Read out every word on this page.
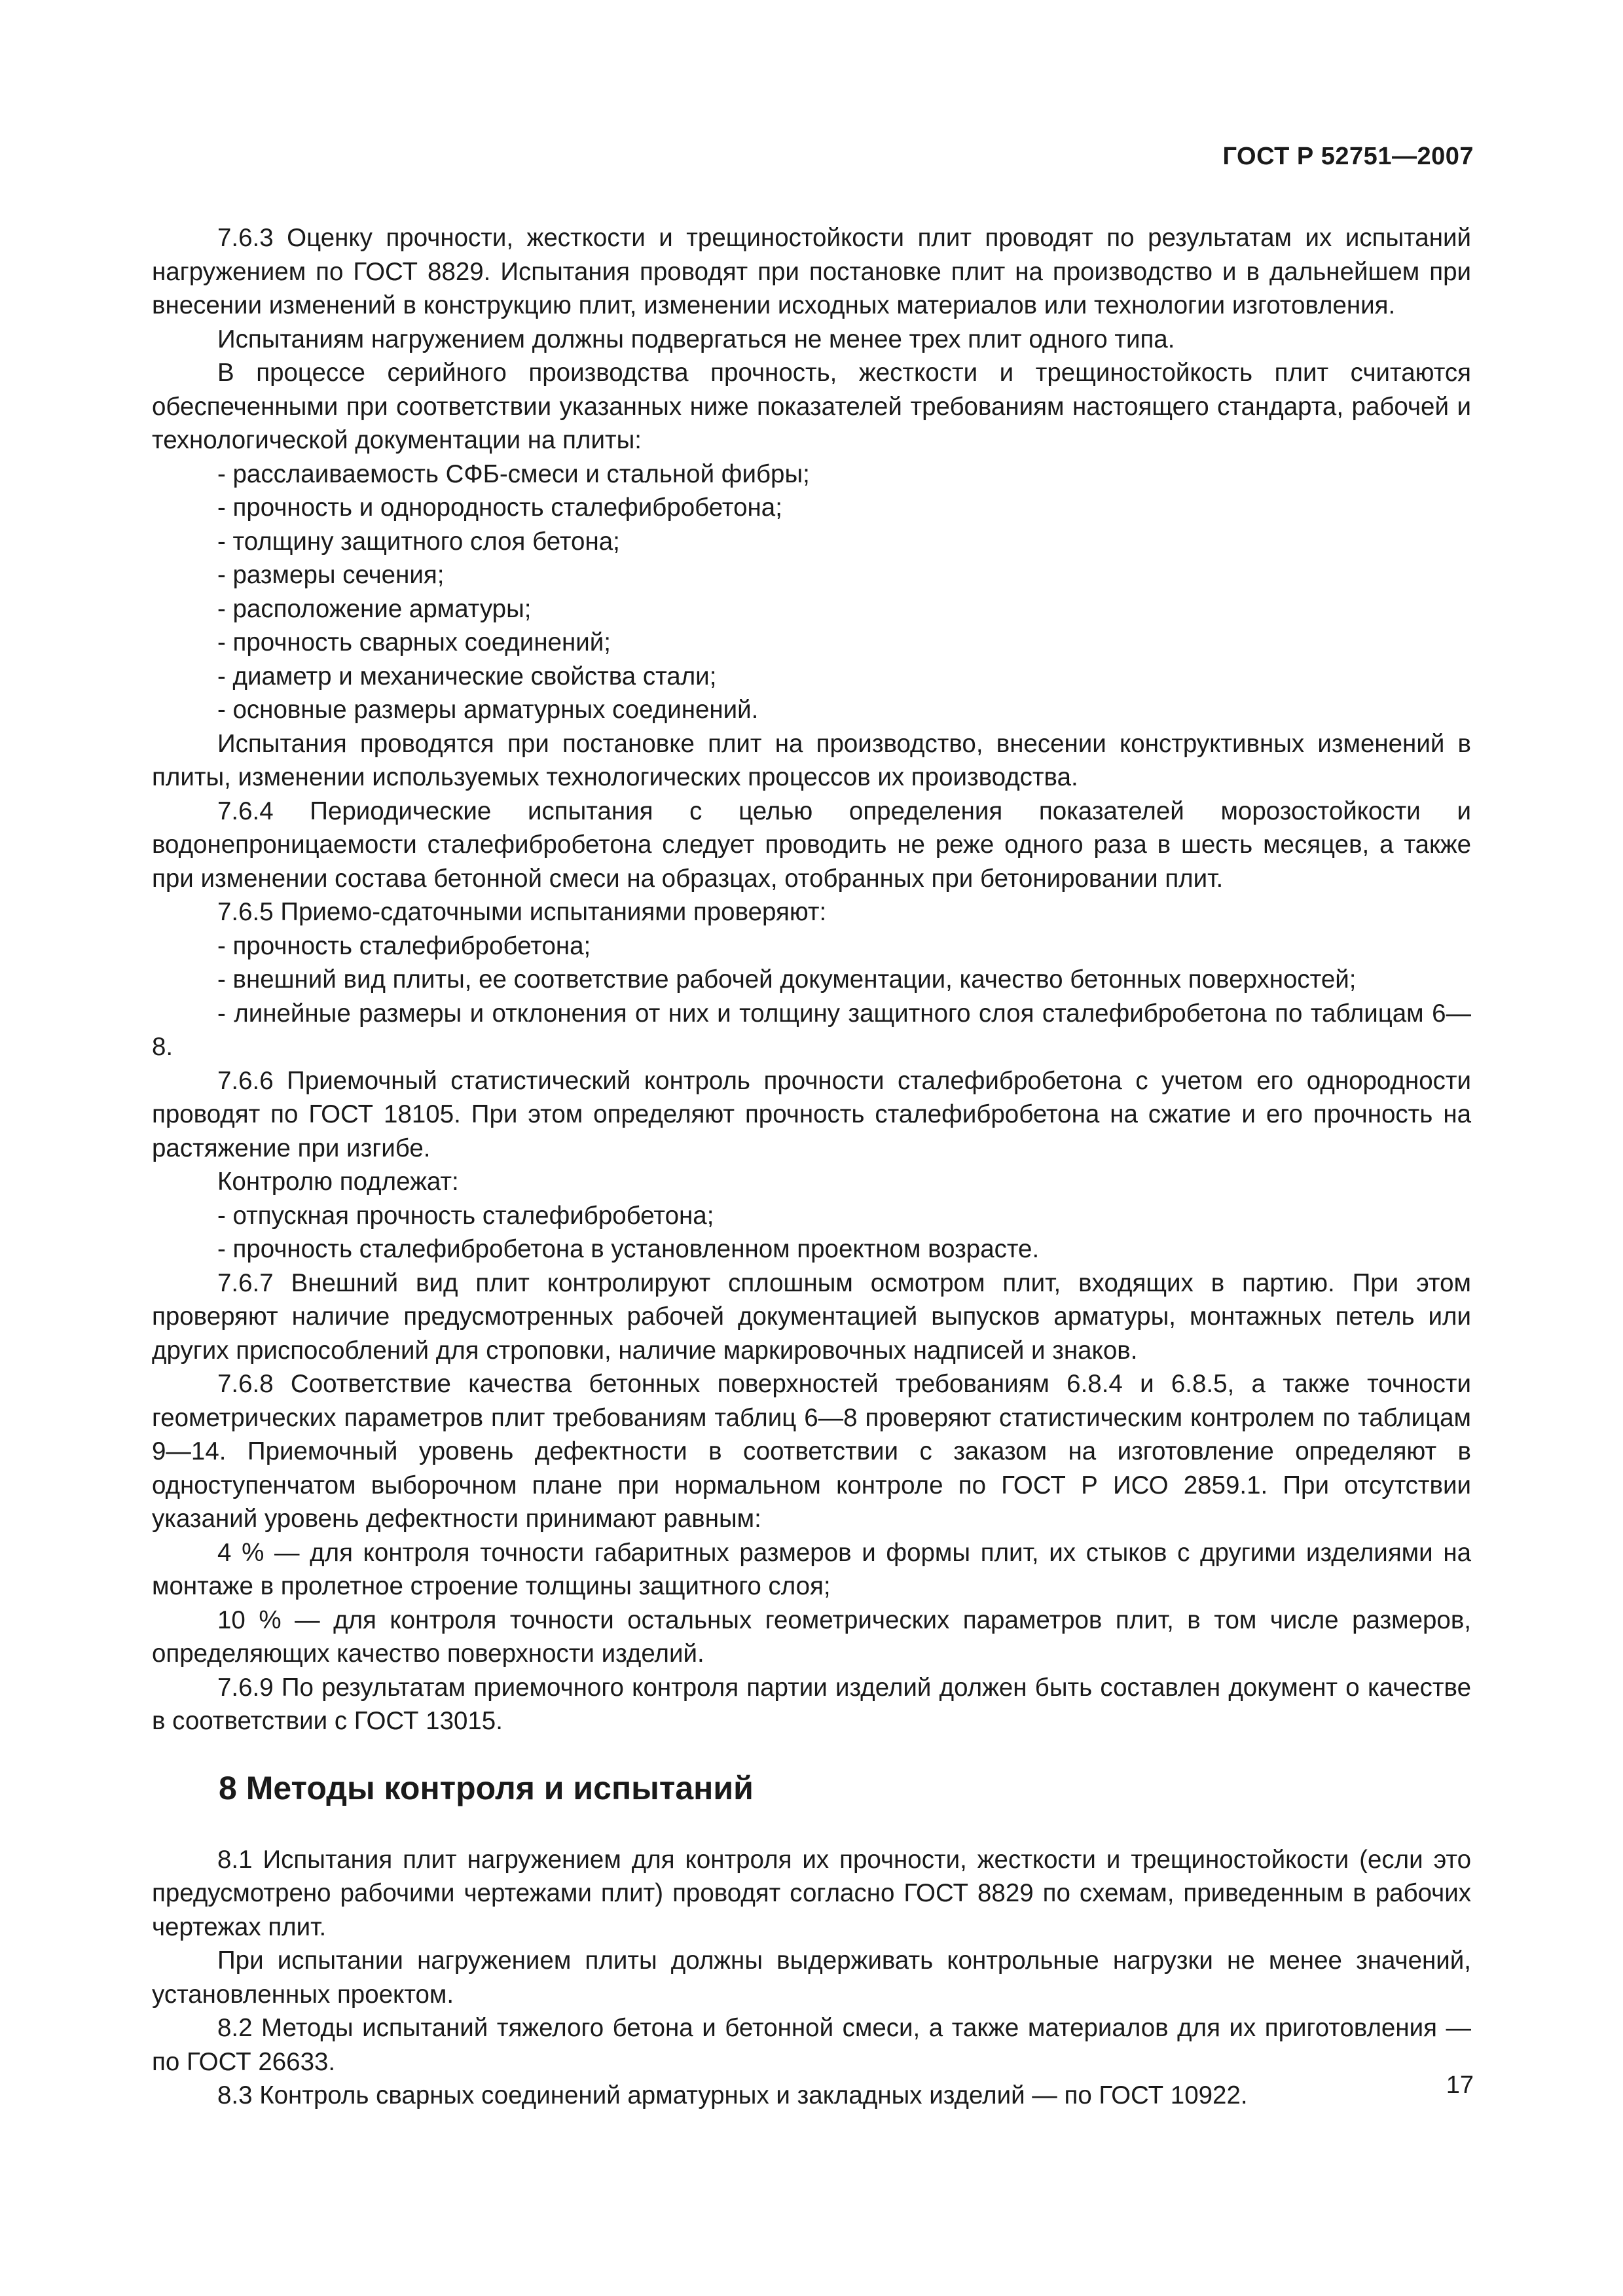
ГОСТ Р 52751—2007

7.6.3 Оценку прочности, жесткости и трещиностойкости плит проводят по результатам их испытаний нагружением по ГОСТ 8829. Испытания проводят при постановке плит на производство и в дальнейшем при внесении изменений в конструкцию плит, изменении исходных материалов или технологии изготовления.

Испытаниям нагружением должны подвергаться не менее трех плит одного типа.

В процессе серийного производства прочность, жесткости и трещиностойкость плит считаются обеспеченными при соответствии указанных ниже показателей требованиям настоящего стандарта, рабочей и технологической документации на плиты:

- расслаиваемость СФБ-смеси и стальной фибры;

- прочность и однородность сталефибробетона;

- толщину защитного слоя бетона;

- размеры сечения;

- расположение арматуры;

- прочность сварных соединений;

- диаметр и механические свойства стали;

- основные размеры арматурных соединений.

Испытания проводятся при постановке плит на производство, внесении конструктивных изменений в плиты, изменении используемых технологических процессов их производства.

7.6.4 Периодические испытания с целью определения показателей морозостойкости и водонепроницаемости сталефибробетона следует проводить не реже одного раза в шесть месяцев, а также при изменении состава бетонной смеси на образцах, отобранных при бетонировании плит.

7.6.5 Приемо-сдаточными испытаниями проверяют:

- прочность сталефибробетона;

- внешний вид плиты, ее соответствие рабочей документации, качество бетонных поверхностей;

- линейные размеры и отклонения от них и толщину защитного слоя сталефибробетона по таблицам 6—8.

7.6.6 Приемочный статистический контроль прочности сталефибробетона с учетом его однородности проводят по ГОСТ 18105. При этом определяют прочность сталефибробетона на сжатие и его прочность на растяжение при изгибе.

Контролю подлежат:

- отпускная прочность сталефибробетона;

- прочность сталефибробетона в установленном проектном возрасте.

7.6.7 Внешний вид плит контролируют сплошным осмотром плит, входящих в партию. При этом проверяют наличие предусмотренных рабочей документацией выпусков арматуры, монтажных петель или других приспособлений для строповки, наличие маркировочных надписей и знаков.

7.6.8 Соответствие качества бетонных поверхностей требованиям 6.8.4 и 6.8.5, а также точности геометрических параметров плит требованиям таблиц 6—8 проверяют статистическим контролем по таблицам 9—14. Приемочный уровень дефектности в соответствии с заказом на изготовление определяют в одноступенчатом выборочном плане при нормальном контроле по ГОСТ Р ИСО 2859.1. При отсутствии указаний уровень дефектности принимают равным:

4 % — для контроля точности габаритных размеров и формы плит, их стыков с другими изделиями на монтаже в пролетное строение толщины защитного слоя;

10 % — для контроля точности остальных геометрических параметров плит, в том числе размеров, определяющих качество поверхности изделий.

7.6.9 По результатам приемочного контроля партии изделий должен быть составлен документ о качестве в соответствии с ГОСТ 13015.

8 Методы контроля и испытаний

8.1 Испытания плит нагружением для контроля их прочности, жесткости и трещиностойкости (если это предусмотрено рабочими чертежами плит) проводят согласно ГОСТ 8829 по схемам, приведенным в рабочих чертежах плит.

При испытании нагружением плиты должны выдерживать контрольные нагрузки не менее значений, установленных проектом.

8.2 Методы испытаний тяжелого бетона и бетонной смеси, а также материалов для их приготовления — по ГОСТ 26633.

8.3 Контроль сварных соединений арматурных и закладных изделий — по ГОСТ 10922.	17
